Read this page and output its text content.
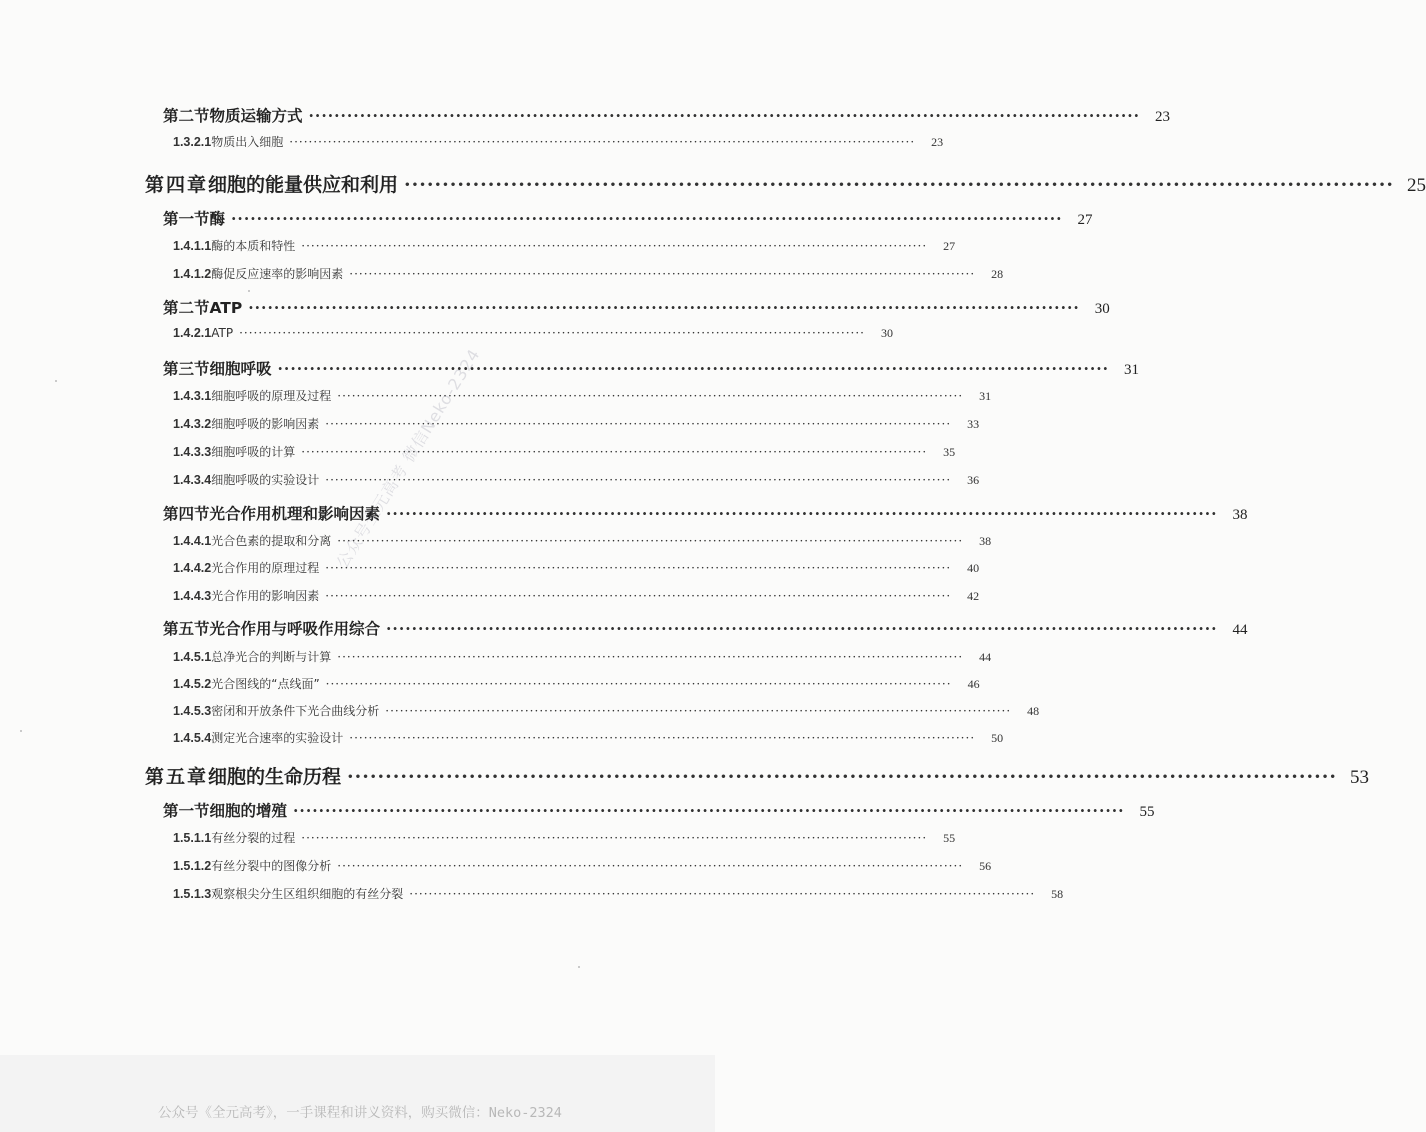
第二节 物质运输方式 ··································································································································	23
1.3.2.1 物质出入细胞 ··································································································································	23
第四章 细胞的能量供应和利用 ·································································································································· 25
第一节 酶 ··································································································································	27
1.4.1.1 酶的本质和特性 ··································································································································	27
1.4.1.2 酶促反应速率的影响因素 ··································································································································	28
第二节 ATP ··································································································································	30
1.4.2.1 ATP ··································································································································	30
第三节 细胞呼吸 ··································································································································	31
1.4.3.1 细胞呼吸的原理及过程 ··································································································································	31
1.4.3.2 细胞呼吸的影响因素 ··································································································································	33
1.4.3.3 细胞呼吸的计算 ··································································································································	35
1.4.3.4 细胞呼吸的实验设计 ··································································································································	36
第四节 光合作用机理和影响因素 ··································································································································	38
1.4.4.1 光合色素的提取和分离 ··································································································································	38
1.4.4.2 光合作用的原理过程 ··································································································································	40
1.4.4.3 光合作用的影响因素 ··································································································································	42
第五节 光合作用与呼吸作用综合 ··································································································································	44
1.4.5.1 总净光合的判断与计算 ··································································································································	44
1.4.5.2 光合图线的“点线面” ··································································································································	46
1.4.5.3 密闭和开放条件下光合曲线分析 ··································································································································	48
1.4.5.4 测定光合速率的实验设计 ··································································································································	50
第五章 细胞的生命历程 ·································································································································· 53
第一节 细胞的增殖 ··································································································································	55
1.5.1.1 有丝分裂的过程 ··································································································································	55
1.5.1.2 有丝分裂中的图像分析 ··································································································································	56
1.5.1.3 观察根尖分生区组织细胞的有丝分裂 ··································································································································	58
公众号全元高考 微信Neko-2324
公众号《全元高考》，一手课程和讲义资料，购买微信：Neko-2324
